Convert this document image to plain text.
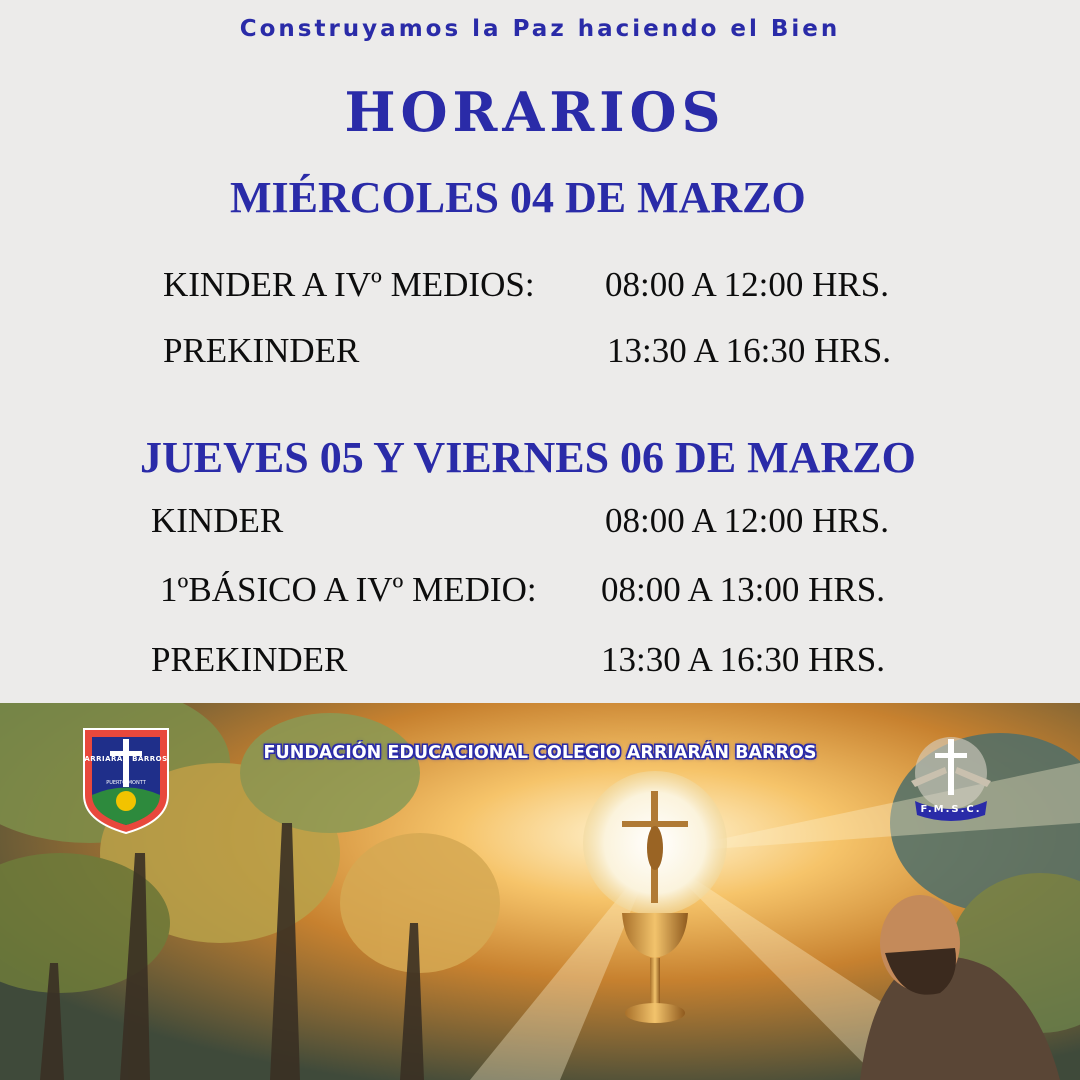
Construyamos la Paz haciendo el Bien
HORARIOS
MIÉRCOLES 04 DE MARZO
KINDER A IVº MEDIOS: 08:00 A 12:00 HRS.
PREKINDER	13:30 A 16:30 HRS.
JUEVES 05 Y VIERNES 06 DE MARZO
KINDER	08:00 A 12:00 HRS.
1ºBÁSICO A IVº MEDIO: 08:00 A 13:00 HRS.
PREKINDER	13:30 A 16:30 HRS.
ARRIARAN BARROS
PUERTO MONTT
FUNDACIÓN EDUCACIONAL COLEGIO ARRIARÁN BARROS
F.M.S.C.
